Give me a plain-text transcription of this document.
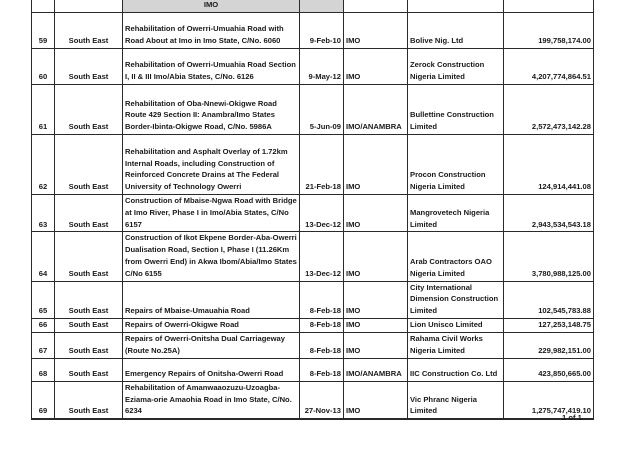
		IMO				
59	South East	Rehabilitation of Owerri-Umuahia Road with Road About at Imo in Imo State, C/No. 6060	9-Feb-10	IMO	Bolive Nig. Ltd	199,758,174.00
60	South East	Rehabilitation of Owerri-Umuahia Road Section I, II & III Imo/Abia States, C/No. 6126	9-May-12	IMO	Zerock Construction Nigeria Limited	4,207,774,864.51
61	South East	Rehabilitation of Oba-Nnewi-Okigwe Road Route 429 Section II: Anambra/Imo States Border-Ibinta-Okigwe Road, C/No. 5986A	5-Jun-09	IMO/ANAMBRA	Bullettine Construction Limited	2,572,473,142.28
62	South East	Rehabilitation and Asphalt Overlay of 1.72km Internal Roads, including Construction of Reinforced Concrete Drains at The Federal University of Technology Owerri	21-Feb-18	IMO	Procon Construction Nigeria Limited	124,914,441.08
63	South East	Construction of Mbaise-Ngwa Road with Bridge at Imo River, Phase I in Imo/Abia States, C/No 6157	13-Dec-12	IMO	Mangrovetech Nigeria Limited	2,943,534,543.18
64	South East	Construction of Ikot Ekpene Border-Aba-Owerri Dualisation Road, Section I, Phase I (11.26Km from Owerri End) in Akwa Ibom/Abia/Imo States C/No 6155	13-Dec-12	IMO	Arab Contractors OAO Nigeria Limited	3,780,988,125.00
65	South East	Repairs of Mbaise-Umauahia Road	8-Feb-18	IMO	City International Dimension Construction Limited	102,545,783.88
66	South East	Repairs of Owerri-Okigwe Road	8-Feb-18	IMO	Lion Unisco Limited	127,253,148.75
67	South East	Repairs of Owerri-Onitsha Dual Carriageway (Route No.25A)	8-Feb-18	IMO	Rahama Civil Works Nigeria Limited	229,982,151.00
68	South East	Emergency Repairs of Onitsha-Owerri Road	8-Feb-18	IMO/ANAMBRA	IIC Construction Co. Ltd	423,850,665.00
69	South East	Rehabilitation of Amanwaaozuzu-Uzoagba-Eziama-orie Amaohia Road in Imo State, C/No. 6234	27-Nov-13	IMO	Vic Phranc Nigeria Limited	1,275,747,419.10
1 of 1
